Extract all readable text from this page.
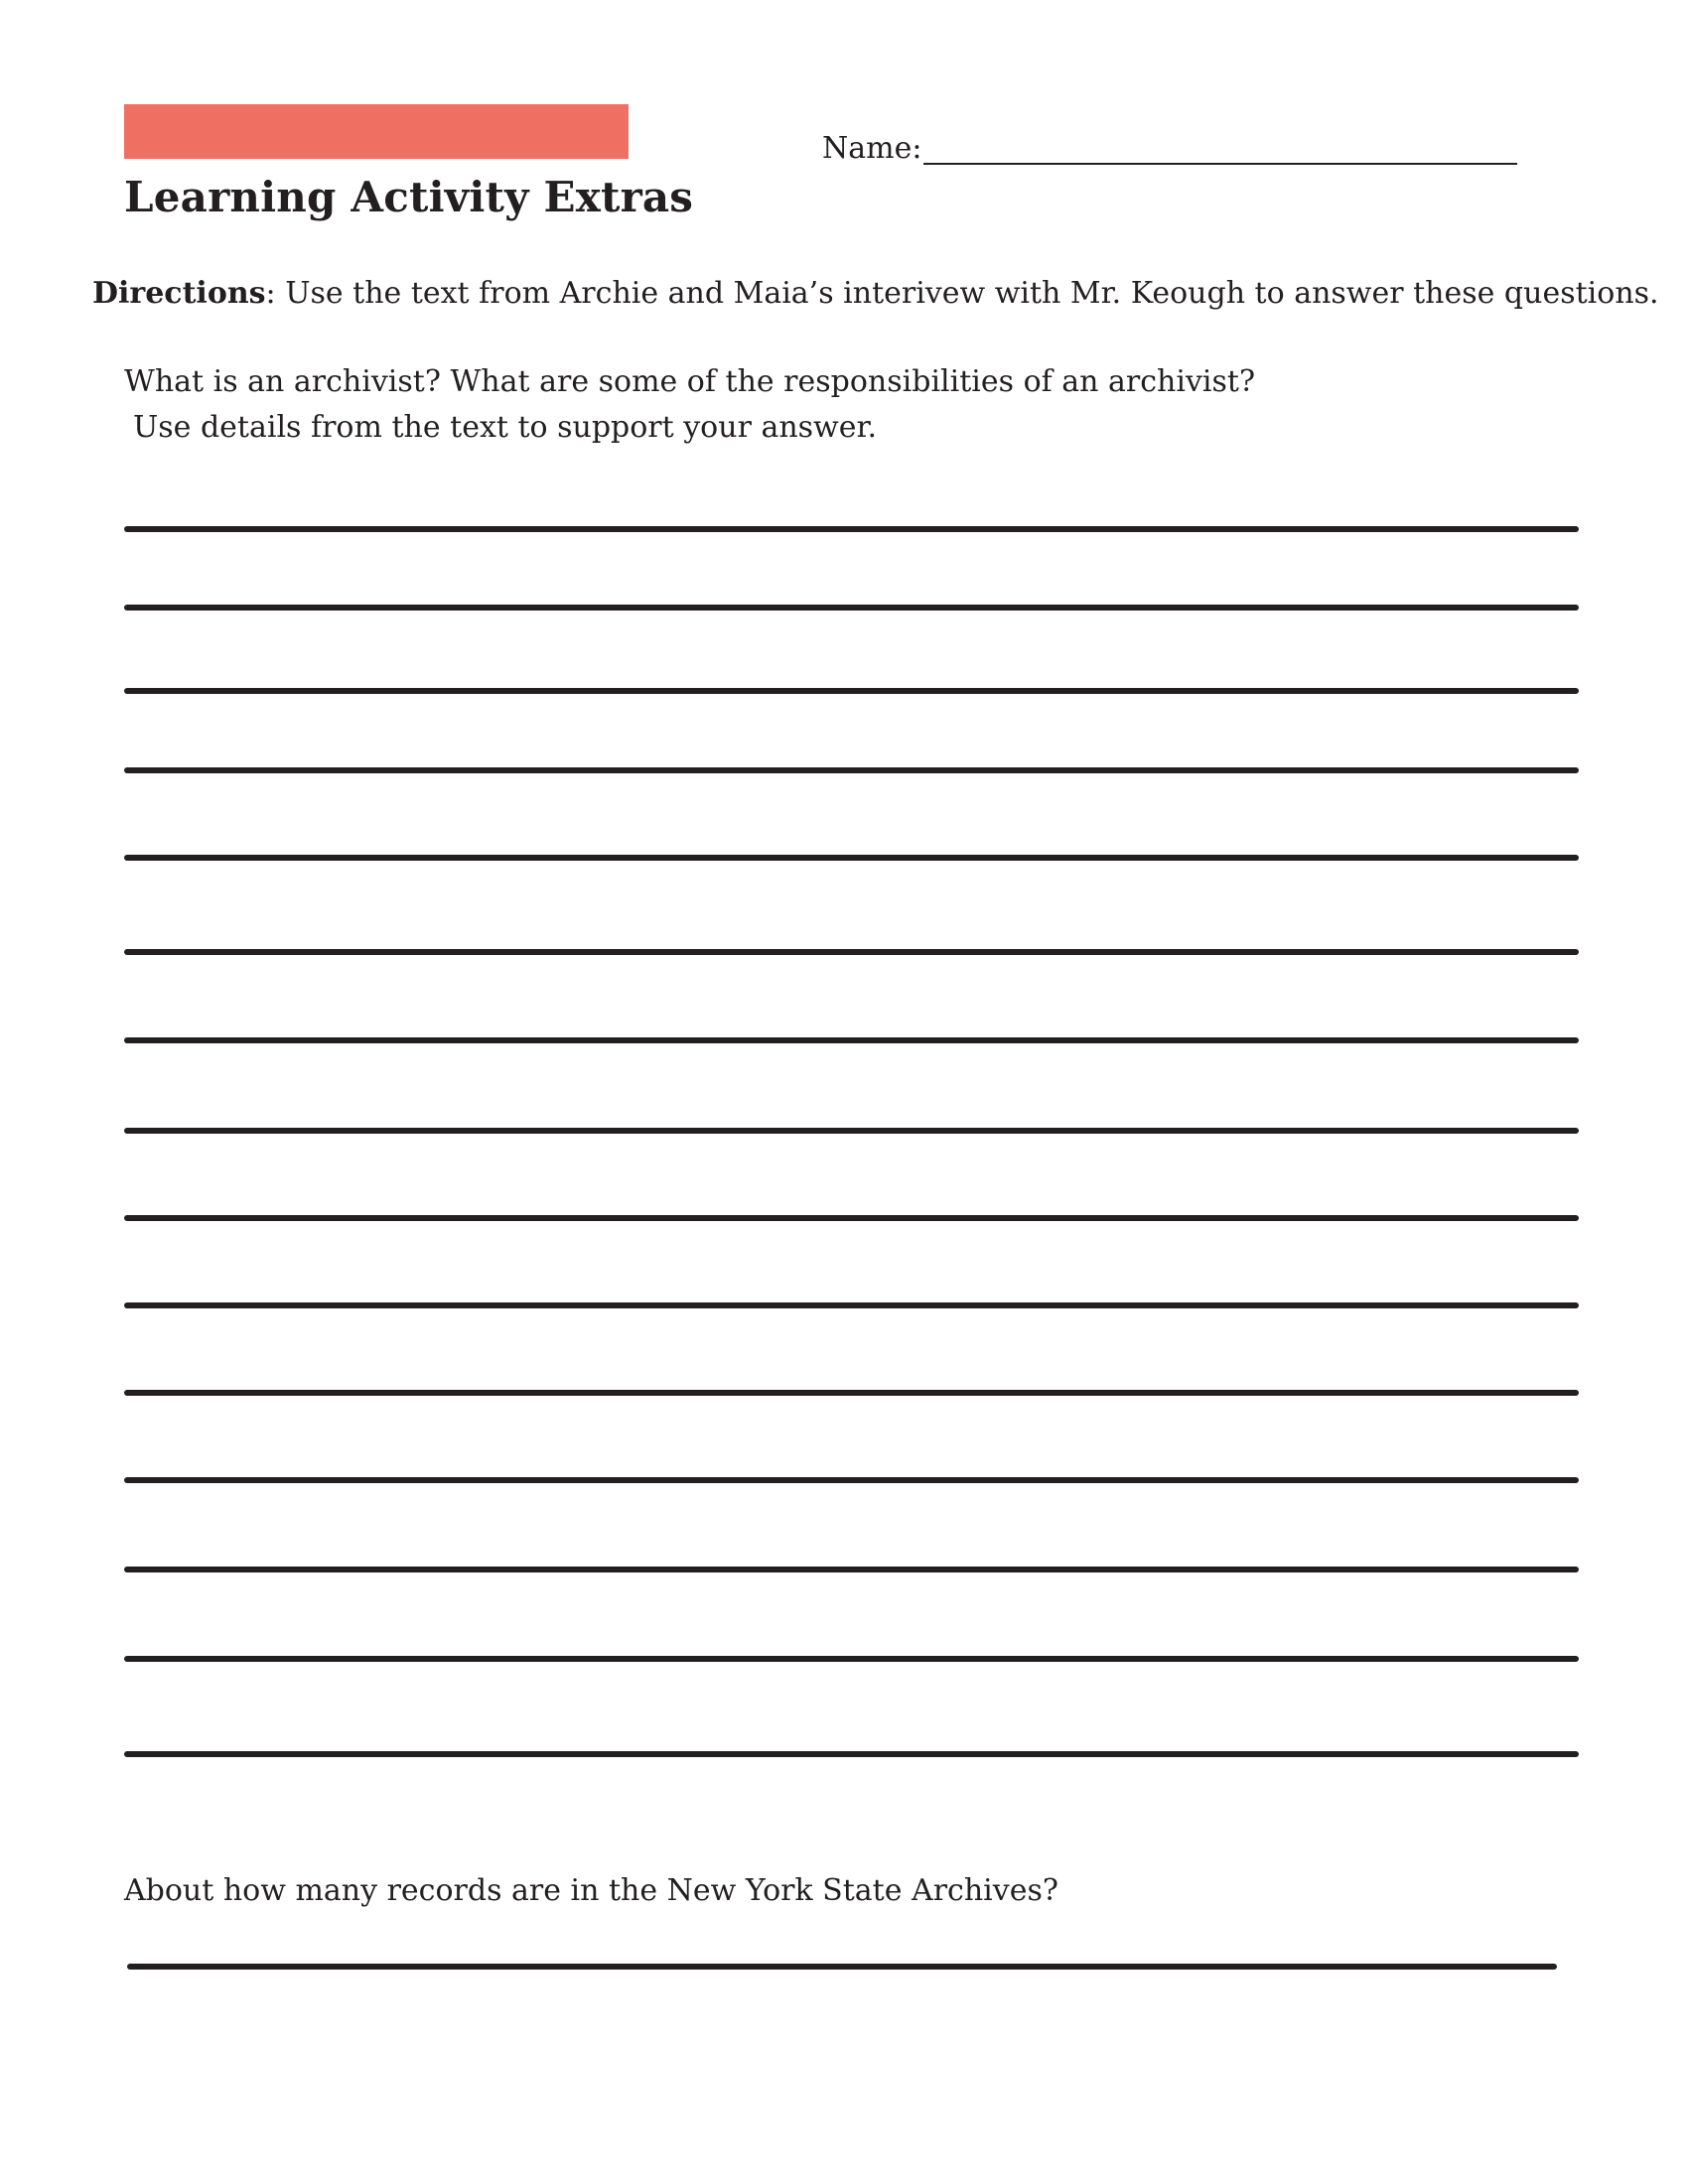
Learning Activity Extras
Name:

Directions: Use the text from Archie and Maia’s interivew with Mr. Keough to answer these questions.

What is an archivist? What are some of the responsibilities of an archivist?

Use details from the text to support your answer.

About how many records are in the New York State Archives?
